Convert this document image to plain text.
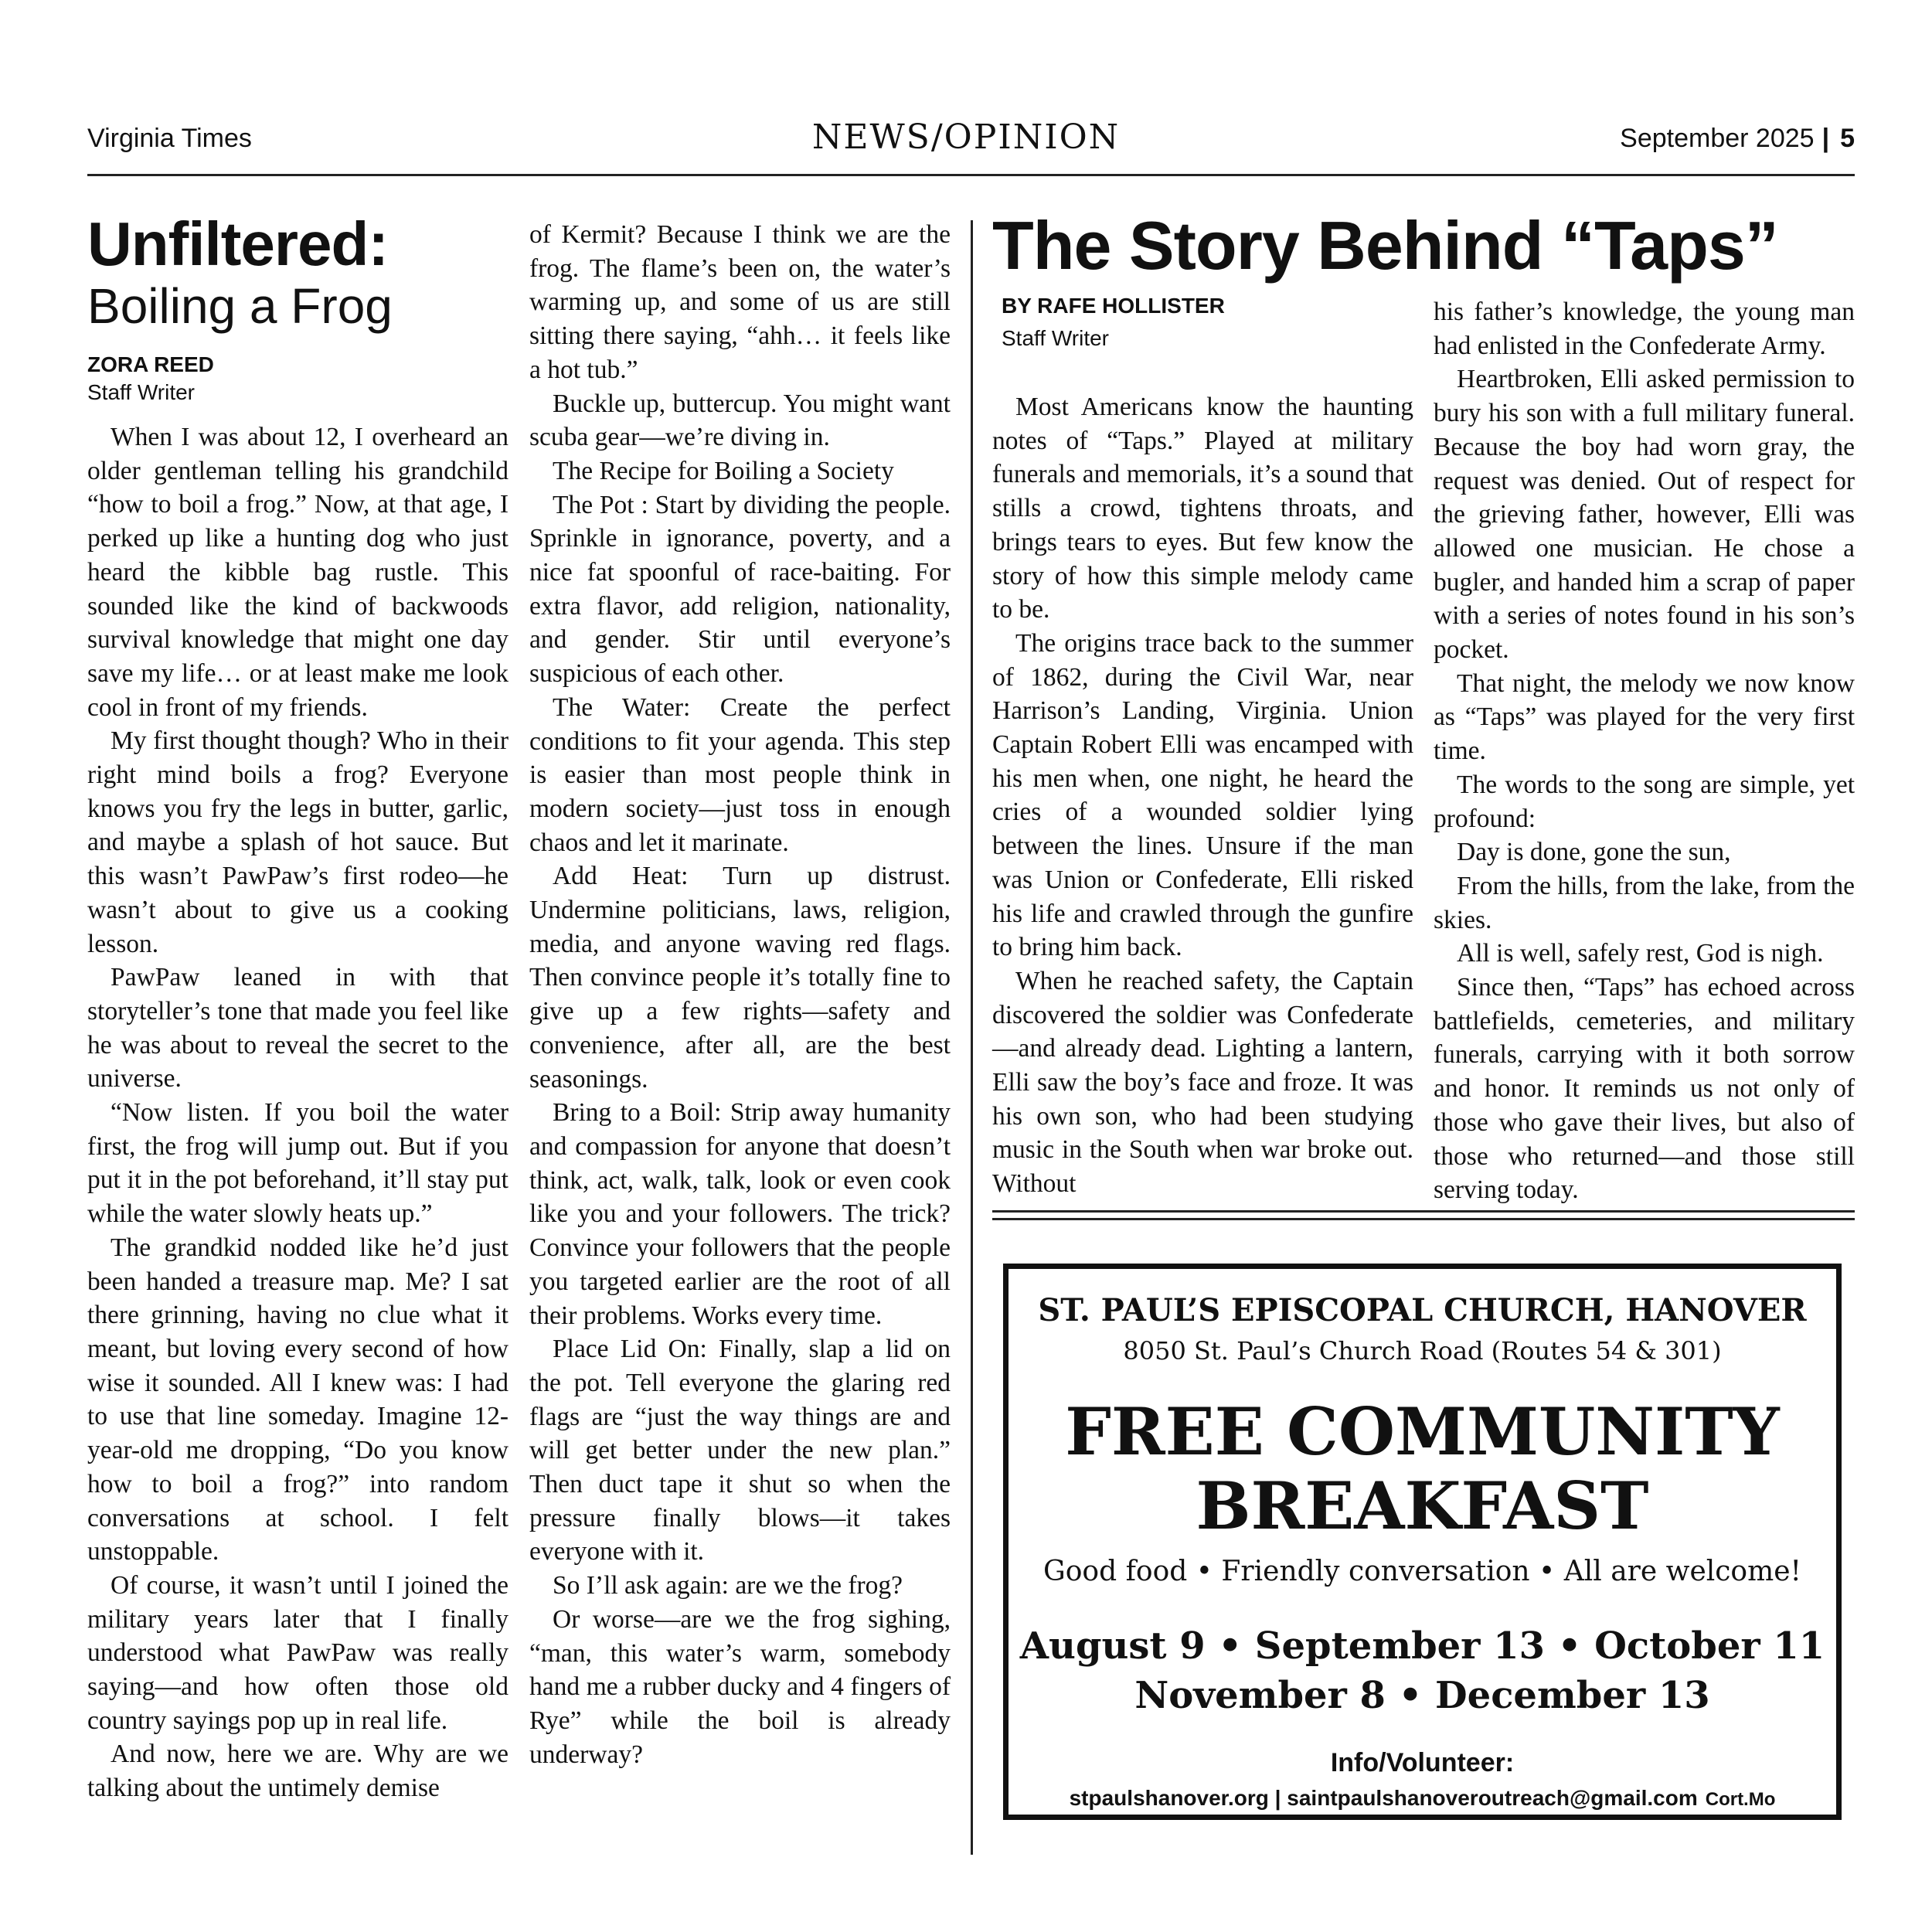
Virginia Times	NEWS/OPINION	September 2025 | 5
Unfiltered:
Boiling a Frog
ZORA REED
Staff Writer

When I was about 12, I overheard an older gentleman telling his grandchild “how to boil a frog.” Now, at that age, I perked up like a hunting dog who just heard the kibble bag rustle. This sounded like the kind of backwoods survival knowledge that might one day save my life… or at least make me look cool in front of my friends.

My first thought though? Who in their right mind boils a frog? Everyone knows you fry the legs in butter, garlic, and maybe a splash of hot sauce. But this wasn’t PawPaw’s first rodeo—he wasn’t about to give us a cooking lesson.

PawPaw leaned in with that storyteller’s tone that made you feel like he was about to reveal the secret to the universe.

“Now listen. If you boil the water first, the frog will jump out. But if you put it in the pot beforehand, it’ll stay put while the water slowly heats up.”

The grandkid nodded like he’d just been handed a treasure map. Me? I sat there grinning, having no clue what it meant, but loving every second of how wise it sounded. All I knew was: I had to use that line someday. Imagine 12-year-old me dropping, “Do you know how to boil a frog?” into random conversations at school. I felt unstoppable.

Of course, it wasn’t until I joined the military years later that I finally understood what PawPaw was really saying—and how often those old country sayings pop up in real life.

And now, here we are. Why are we talking about the untimely demise

of Kermit? Because I think we are the frog. The flame’s been on, the water’s warming up, and some of us are still sitting there saying, “ahh… it feels like a hot tub.”

Buckle up, buttercup. You might want scuba gear—we’re diving in.

The Recipe for Boiling a Society

The Pot : Start by dividing the people. Sprinkle in ignorance, poverty, and a nice fat spoonful of race-baiting. For extra flavor, add religion, nationality, and gender. Stir until everyone’s suspicious of each other.

The Water: Create the perfect conditions to fit your agenda. This step is easier than most people think in modern society—just toss in enough chaos and let it marinate.

Add Heat: Turn up distrust. Undermine politicians, laws, religion, media, and anyone waving red flags. Then convince people it’s totally fine to give up a few rights—safety and convenience, after all, are the best seasonings.

Bring to a Boil: Strip away humanity and compassion for anyone that doesn’t think, act, walk, talk, look or even cook like you and your followers. The trick? Convince your followers that the people you targeted earlier are the root of all their problems. Works every time.

Place Lid On: Finally, slap a lid on the pot. Tell everyone the glaring red flags are “just the way things are and will get better under the new plan.” Then duct tape it shut so when the pressure finally blows—it takes everyone with it.

So I’ll ask again: are we the frog?

Or worse—are we the frog sighing, “man, this water’s warm, somebody hand me a rubber ducky and 4 fingers of Rye” while the boil is already underway?

The Story Behind “Taps”
BY RAFE HOLLISTER
Staff Writer

Most Americans know the haunting notes of “Taps.” Played at military funerals and memorials, it’s a sound that stills a crowd, tightens throats, and brings tears to eyes. But few know the story of how this simple melody came to be.

The origins trace back to the summer of 1862, during the Civil War, near Harrison’s Landing, Virginia. Union Captain Robert Elli was encamped with his men when, one night, he heard the cries of a wounded soldier lying between the lines. Unsure if the man was Union or Confederate, Elli risked his life and crawled through the gunfire to bring him back.

When he reached safety, the Captain discovered the soldier was Confederate—and already dead. Lighting a lantern, Elli saw the boy’s face and froze. It was his own son, who had been studying music in the South when war broke out. Without

his father’s knowledge, the young man had enlisted in the Confederate Army.

Heartbroken, Elli asked permission to bury his son with a full military funeral. Because the boy had worn gray, the request was denied. Out of respect for the grieving father, however, Elli was allowed one musician. He chose a bugler, and handed him a scrap of paper with a series of notes found in his son’s pocket.

That night, the melody we now know as “Taps” was played for the very first time.

The words to the song are simple, yet profound:

Day is done, gone the sun,

From the hills, from the lake, from the skies.

All is well, safely rest, God is nigh.

Since then, “Taps” has echoed across battlefields, cemeteries, and military funerals, carrying with it both sorrow and honor. It reminds us not only of those who gave their lives, but also of those who returned—and those still serving today.

ST. PAUL’S EPISCOPAL CHURCH, HANOVER
8050 St. Paul’s Church Road (Routes 54 & 301)
FREE COMMUNITY
BREAKFAST
Good food • Friendly conversation • All are welcome!
August 9 • September 13 • October 11
November 8 • December 13
Info/Volunteer:
stpaulshanover.org | saintpaulshanoveroutreach@gmail.com Cort.Mo
